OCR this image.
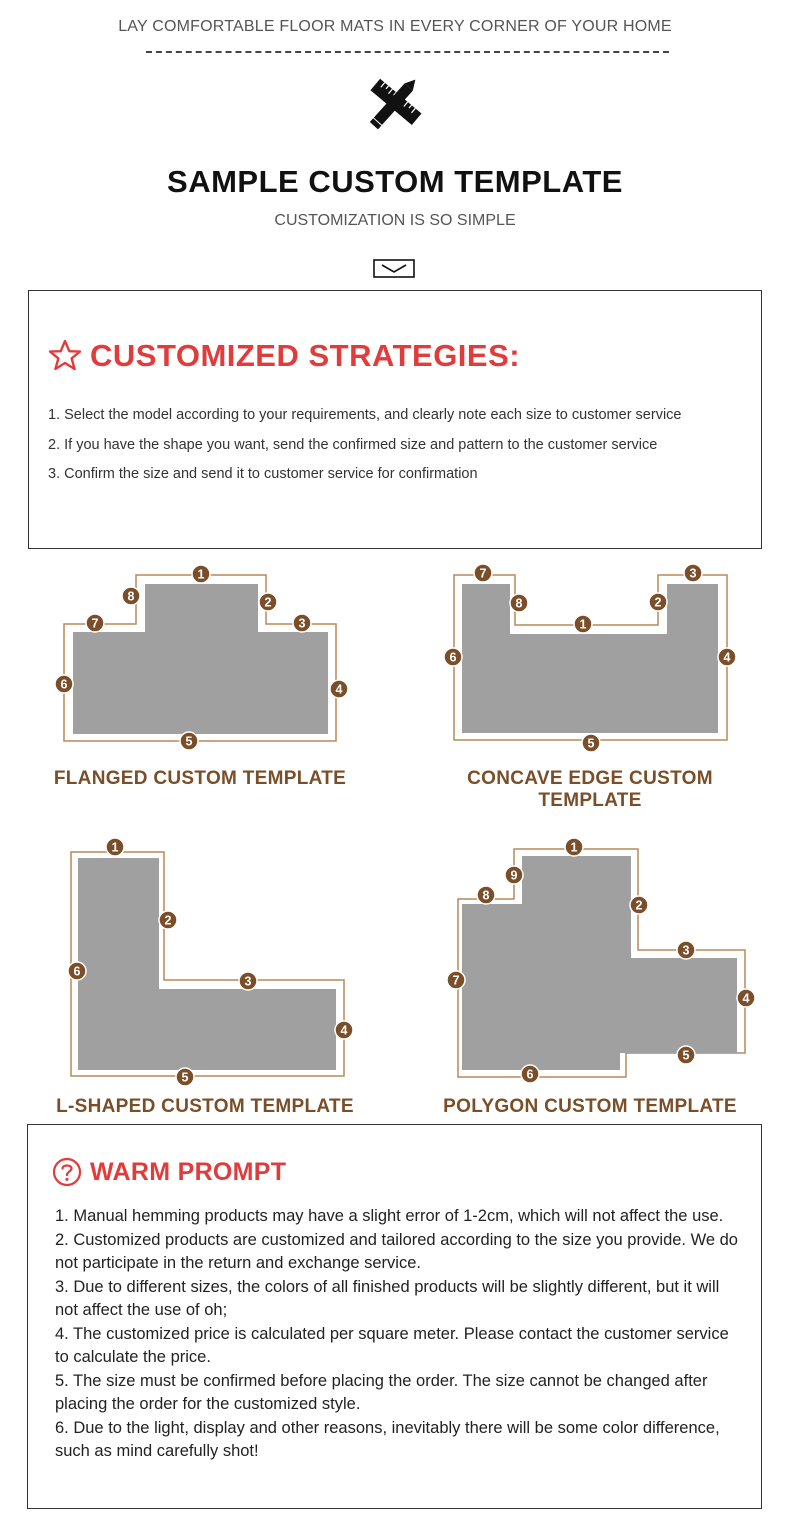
LAY COMFORTABLE FLOOR MATS IN EVERY CORNER OF YOUR HOME
SAMPLE CUSTOM TEMPLATE
CUSTOMIZATION IS SO SIMPLE
CUSTOMIZED STRATEGIES:
1. Select the model according to your requirements, and clearly note each size to customer service
2. If you have the shape you want, send the confirmed size and pattern to the customer service
3. Confirm the size and send it to customer service for confirmation
1
2
3
4
5
6
7
8
FLANGED CUSTOM TEMPLATE
1
2
3
4
5
6
7
8
CONCAVE EDGE CUSTOM TEMPLATE
1
2
3
4
5
6
L-SHAPED CUSTOM TEMPLATE
1
2
3
4
5
6
7
8
9
POLYGON CUSTOM TEMPLATE
WARM PROMPT
1. Manual hemming products may have a slight error of 1-2cm, which will not affect the use.
2. Customized products are customized and tailored according to the size you provide. We do not participate in the return and exchange service.
3. Due to different sizes, the colors of all finished products will be slightly different, but it will not affect the use of oh;
4. The customized price is calculated per square meter. Please contact the customer service to calculate the price.
5. The size must be confirmed before placing the order. The size cannot be changed after placing the order for the customized style.
6. Due to the light, display and other reasons, inevitably there will be some color difference, such as mind carefully shot!
